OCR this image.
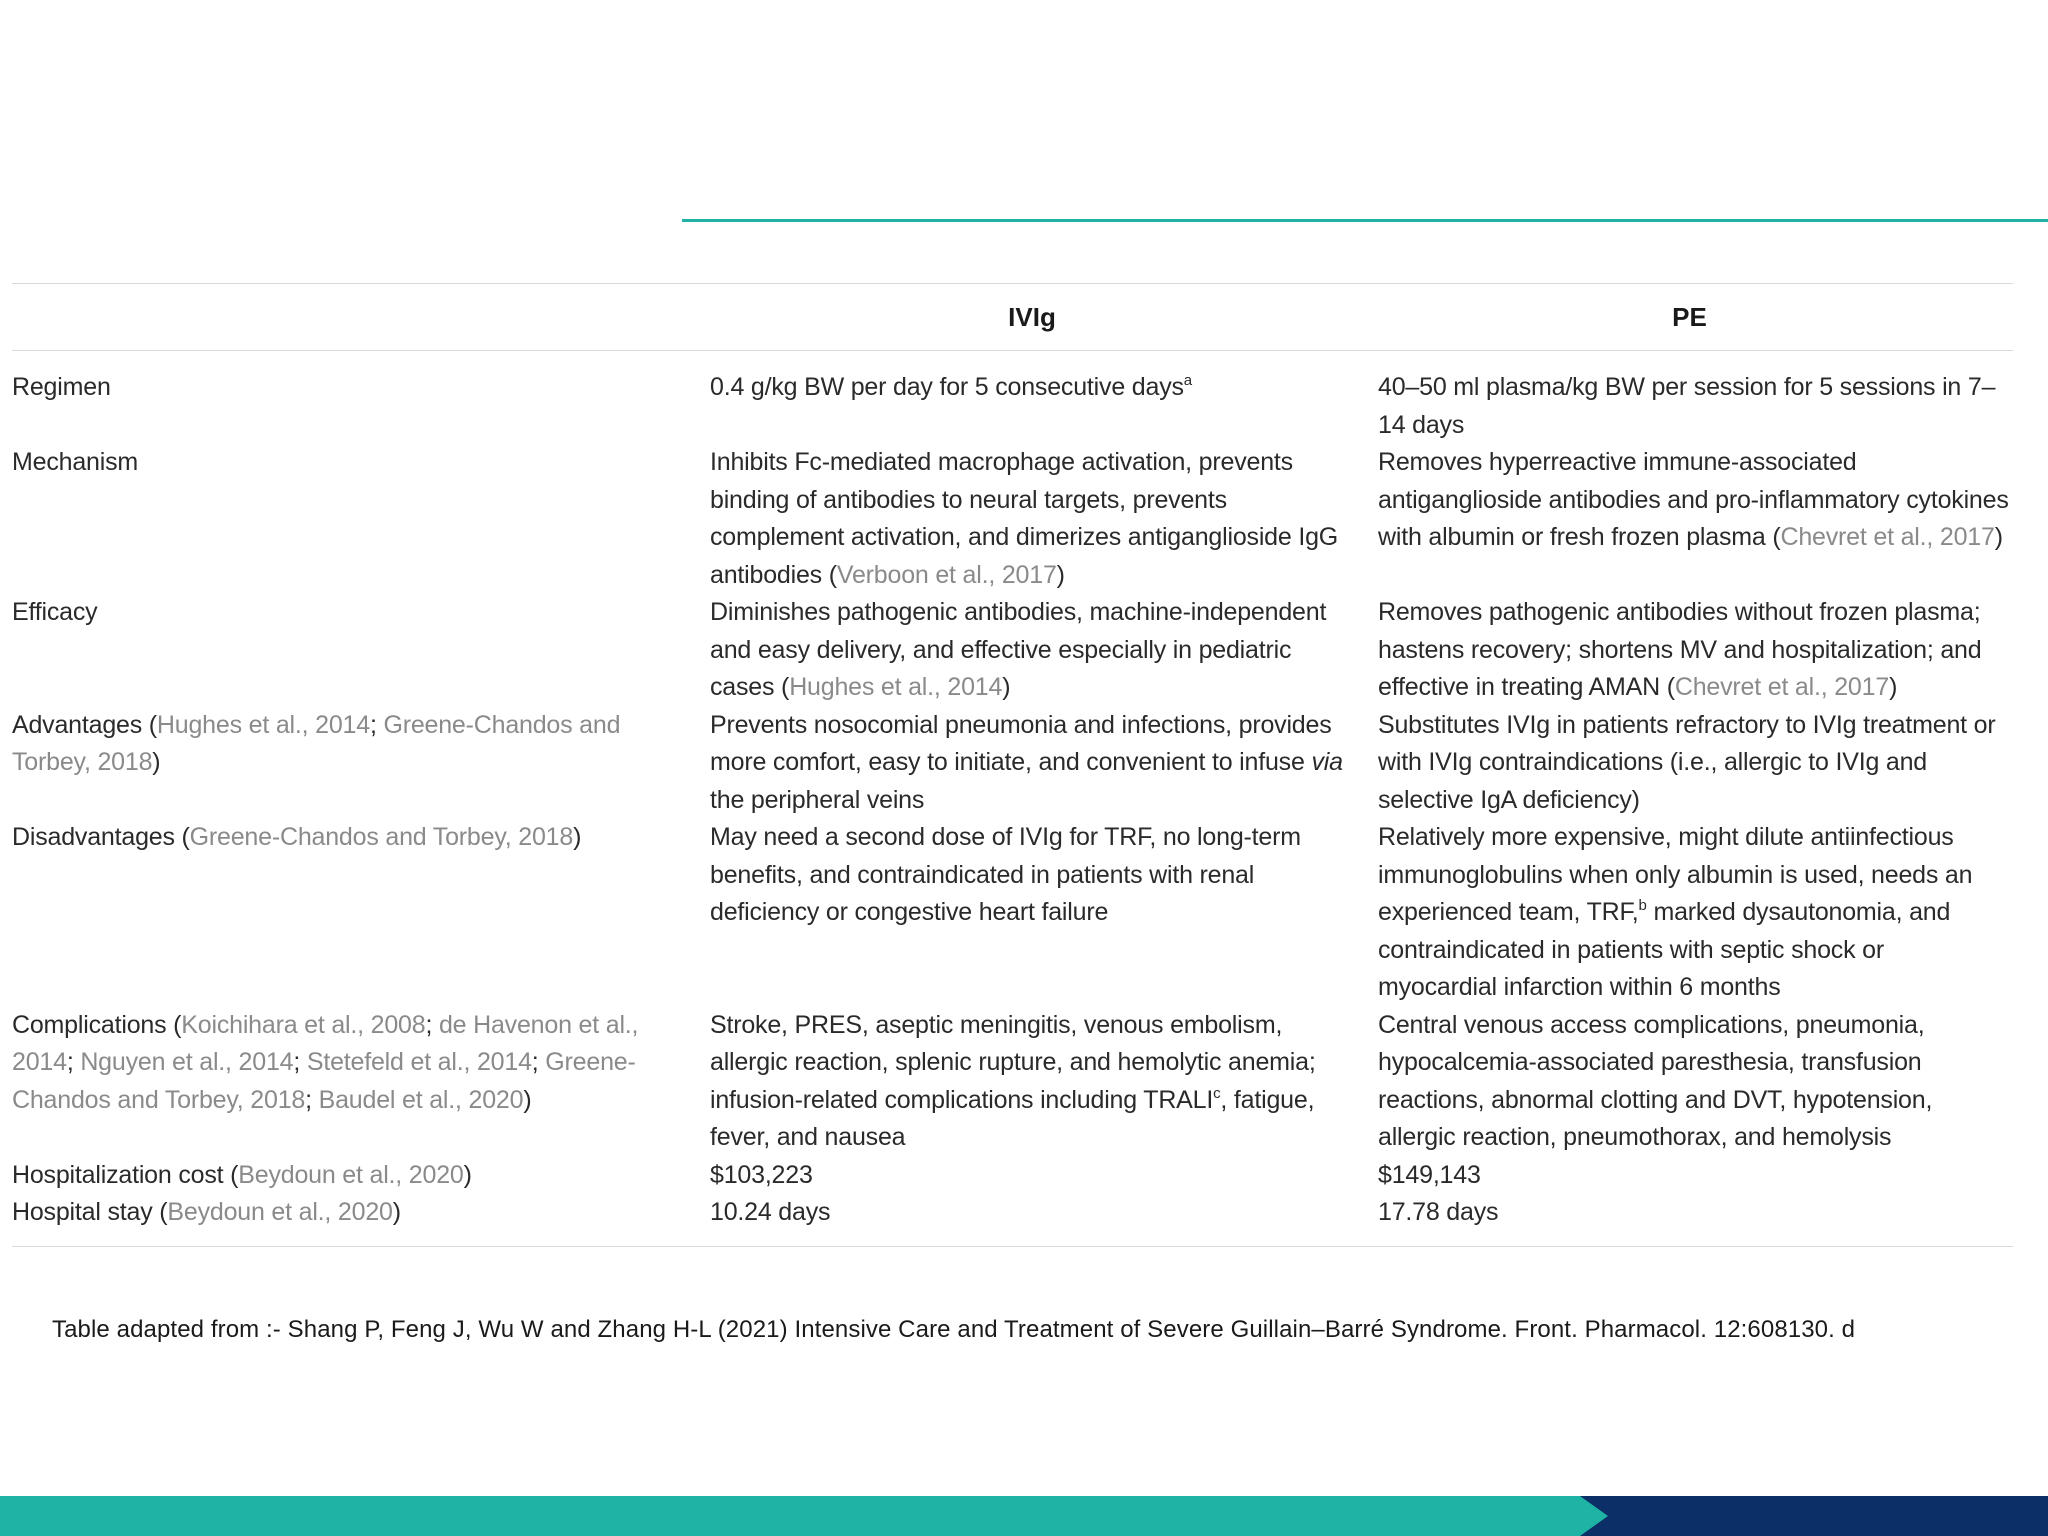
	IVIg	PE
Regimen	0.4 g/kg BW per day for 5 consecutive days$^a$	40–50 ml plasma/kg BW per session for 5 sessions in 7–14 days
Mechanism	Inhibits Fc-mediated macrophage activation, prevents binding of antibodies to neural targets, prevents complement activation, and dimerizes antiganglioside IgG antibodies (Verboon et al., 2017)	Removes hyperreactive immune-associated antiganglioside antibodies and pro-inflammatory cytokines with albumin or fresh frozen plasma (Chevret et al., 2017)
Efficacy	Diminishes pathogenic antibodies, machine-independent and easy delivery, and effective especially in pediatric cases (Hughes et al., 2014)	Removes pathogenic antibodies without frozen plasma; hastens recovery; shortens MV and hospitalization; and effective in treating AMAN (Chevret et al., 2017)
Advantages (Hughes et al., 2014; Greene-Chandos and Torbey, 2018)	Prevents nosocomial pneumonia and infections, provides more comfort, easy to initiate, and convenient to infuse via the peripheral veins	Substitutes IVIg in patients refractory to IVIg treatment or with IVIg contraindications (i.e., allergic to IVIg and selective IgA deficiency)
Disadvantages (Greene-Chandos and Torbey, 2018)	May need a second dose of IVIg for TRF, no long-term benefits, and contraindicated in patients with renal deficiency or congestive heart failure	Relatively more expensive, might dilute antiinfectious immunoglobulins when only albumin is used, needs an experienced team, TRF,$^b$ marked dysautonomia, and contraindicated in patients with septic shock or myocardial infarction within 6 months
Complications (Koichihara et al., 2008; de Havenon et al., 2014; Nguyen et al., 2014; Stetefeld et al., 2014; Greene-Chandos and Torbey, 2018; Baudel et al., 2020)	Stroke, PRES, aseptic meningitis, venous embolism, allergic reaction, splenic rupture, and hemolytic anemia; infusion-related complications including TRALI$^c$, fatigue, fever, and nausea	Central venous access complications, pneumonia, hypocalcemia-associated paresthesia, transfusion reactions, abnormal clotting and DVT, hypotension, allergic reaction, pneumothorax, and hemolysis
Hospitalization cost (Beydoun et al., 2020)	$103,223	$149,143
Hospital stay (Beydoun et al., 2020)	10.24 days	17.78 days
Table adapted from :- Shang P, Feng J, Wu W and Zhang H-L (2021) Intensive Care and Treatment of Severe Guillain–Barré Syndrome. Front. Pharmacol. 12:608130. d
